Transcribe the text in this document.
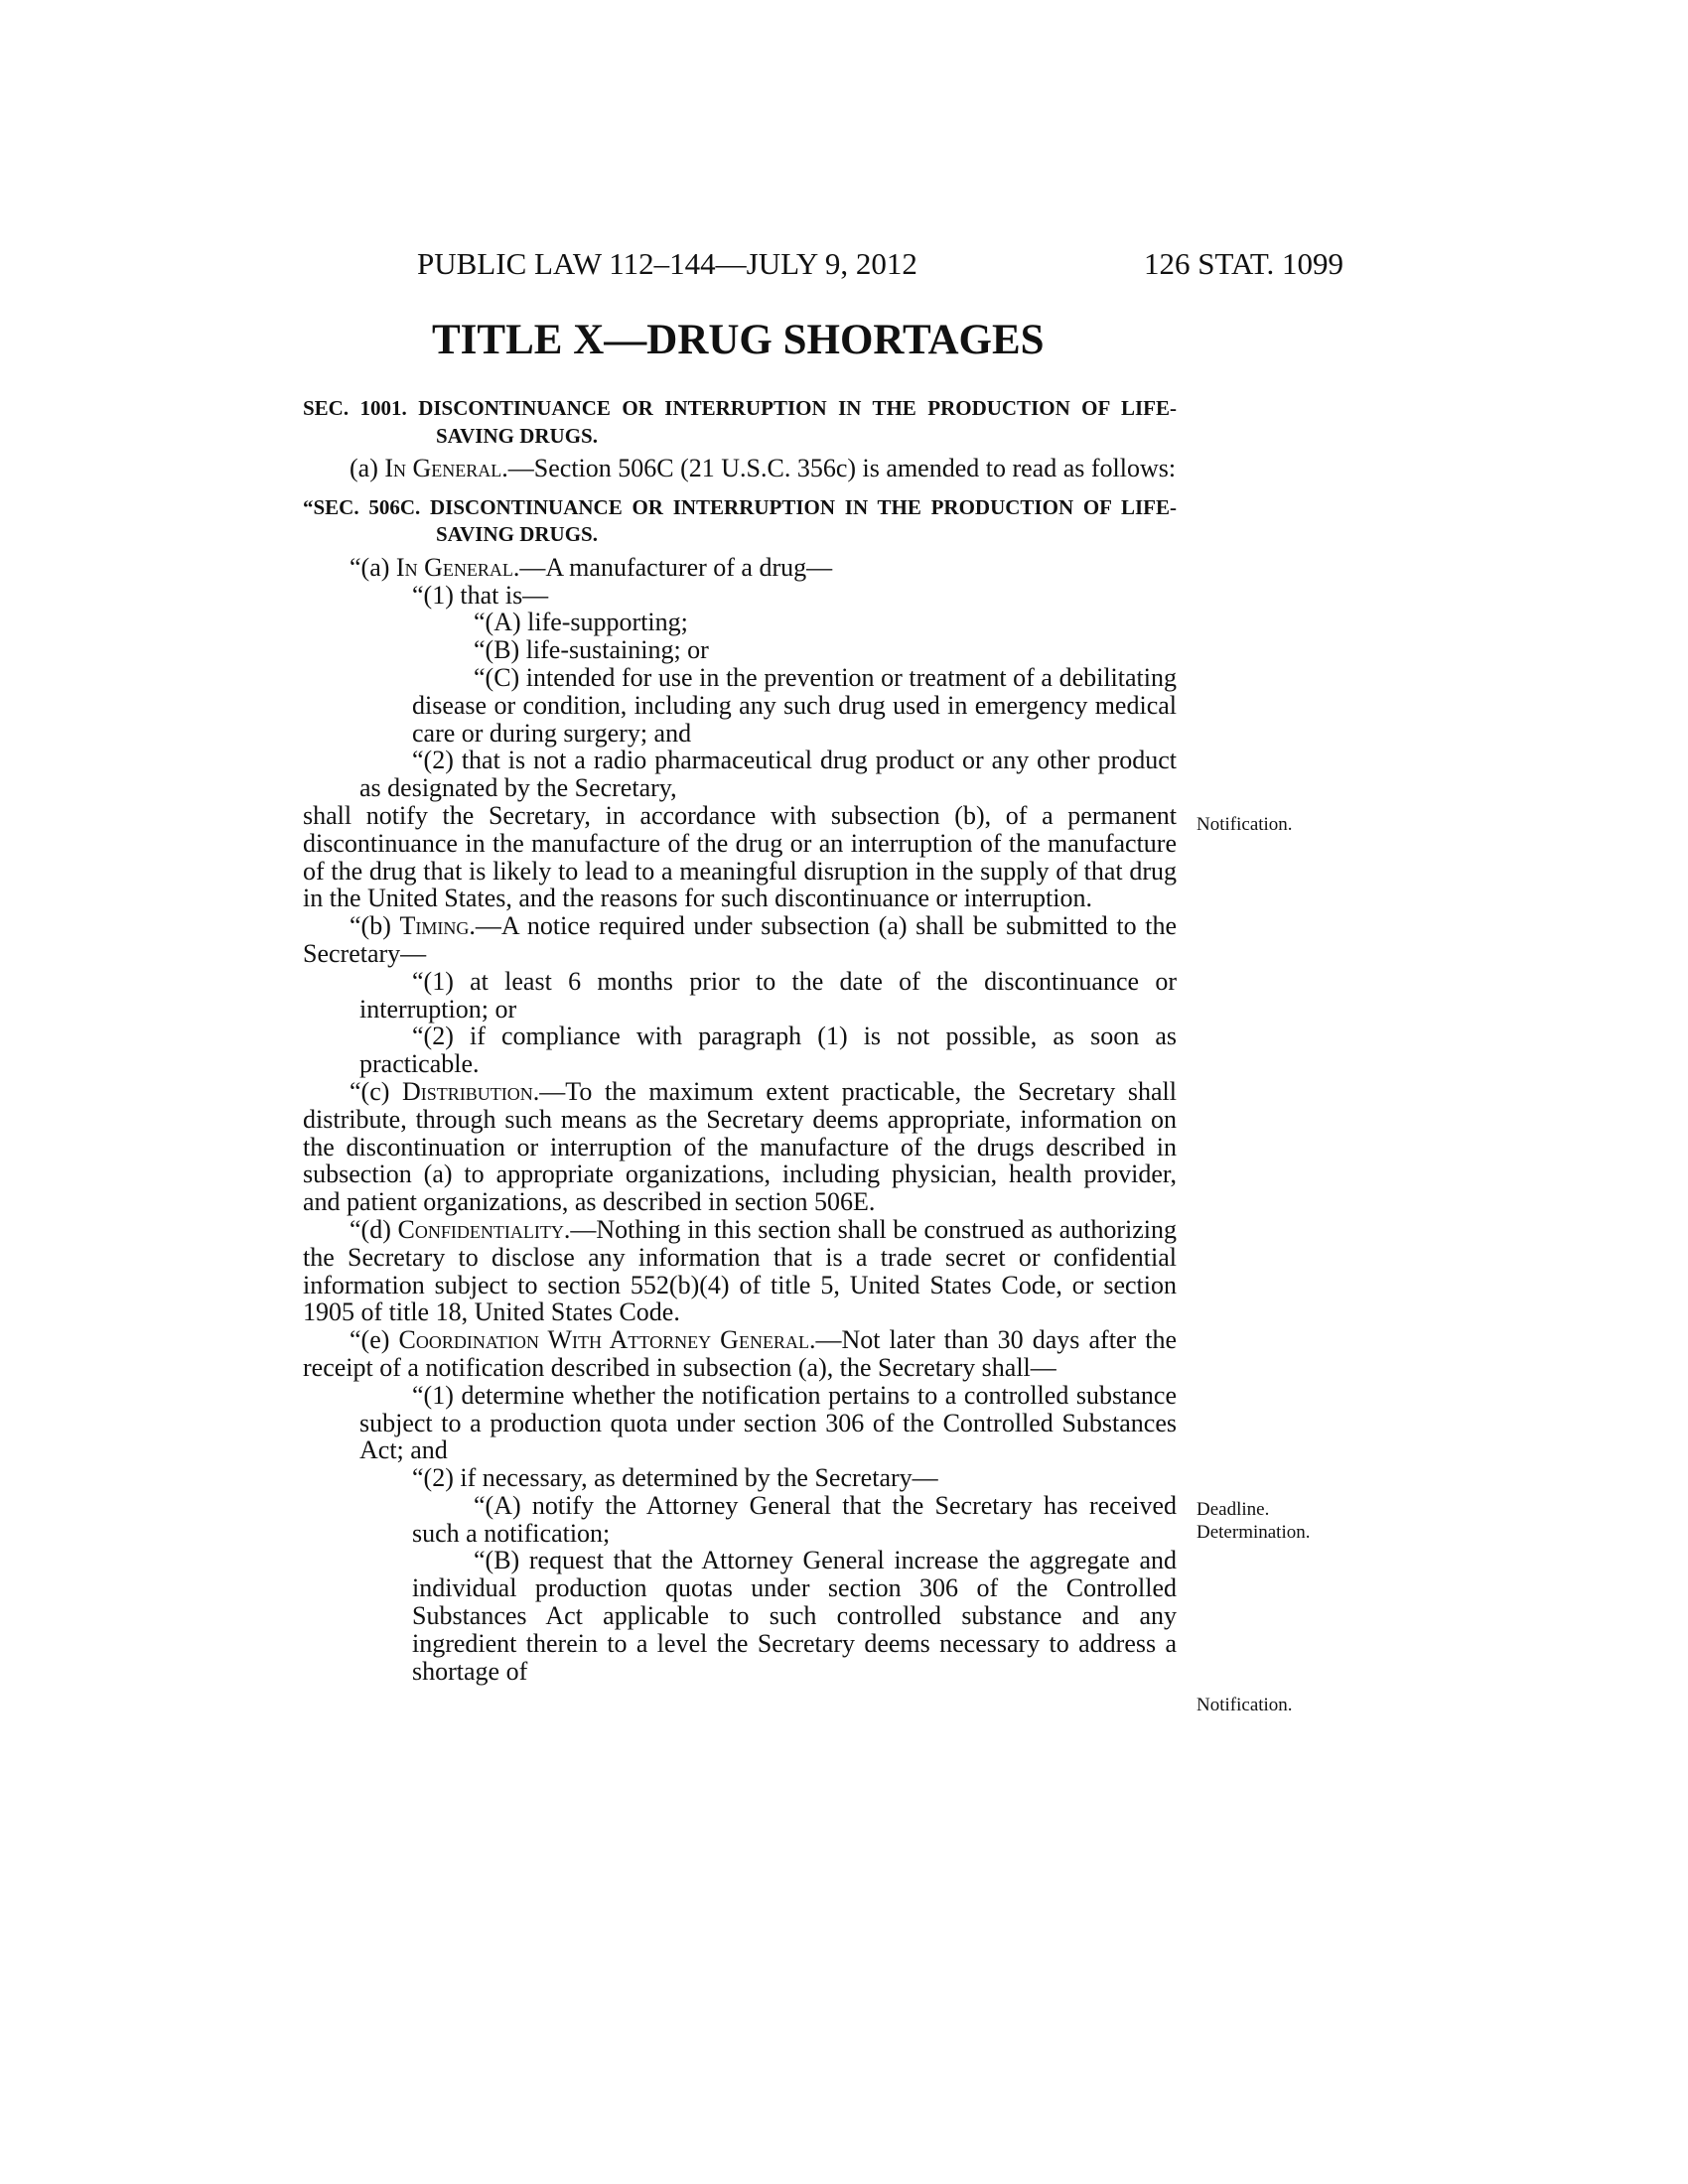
PUBLIC LAW 112–144—JULY 9, 2012	126 STAT. 1099
TITLE X—DRUG SHORTAGES

SEC. 1001. DISCONTINUANCE OR INTERRUPTION IN THE PRODUCTION OF LIFE-SAVING DRUGS.

(a) In General.—Section 506C (21 U.S.C. 356c) is amended to read as follows:

“SEC. 506C. DISCONTINUANCE OR INTERRUPTION IN THE PRODUCTION OF LIFE-SAVING DRUGS.

“(a) In General.—A manufacturer of a drug—

“(1) that is—

“(A) life-supporting;

“(B) life-sustaining; or

“(C) intended for use in the prevention or treatment of a debilitating disease or condition, including any such drug used in emergency medical care or during surgery; and

“(2) that is not a radio pharmaceutical drug product or any other product as designated by the Secretary,

shall notify the Secretary, in accordance with subsection (b), of a permanent discontinuance in the manufacture of the drug or an interruption of the manufacture of the drug that is likely to lead to a meaningful disruption in the supply of that drug in the United States, and the reasons for such discontinuance or interruption.

“(b) Timing.—A notice required under subsection (a) shall be submitted to the Secretary—

“(1) at least 6 months prior to the date of the discontinuance or interruption; or

“(2) if compliance with paragraph (1) is not possible, as soon as practicable.

“(c) Distribution.—To the maximum extent practicable, the Secretary shall distribute, through such means as the Secretary deems appropriate, information on the discontinuation or interruption of the manufacture of the drugs described in subsection (a) to appropriate organizations, including physician, health provider, and patient organizations, as described in section 506E.

“(d) Confidentiality.—Nothing in this section shall be construed as authorizing the Secretary to disclose any information that is a trade secret or confidential information subject to section 552(b)(4) of title 5, United States Code, or section 1905 of title 18, United States Code.

“(e) Coordination With Attorney General.—Not later than 30 days after the receipt of a notification described in subsection (a), the Secretary shall—

“(1) determine whether the notification pertains to a controlled substance subject to a production quota under section 306 of the Controlled Substances Act; and

“(2) if necessary, as determined by the Secretary—

“(A) notify the Attorney General that the Secretary has received such a notification;

“(B) request that the Attorney General increase the aggregate and individual production quotas under section 306 of the Controlled Substances Act applicable to such controlled substance and any ingredient therein to a level the Secretary deems necessary to address a shortage of

Notification.
Deadline.
Determination.
Notification.
